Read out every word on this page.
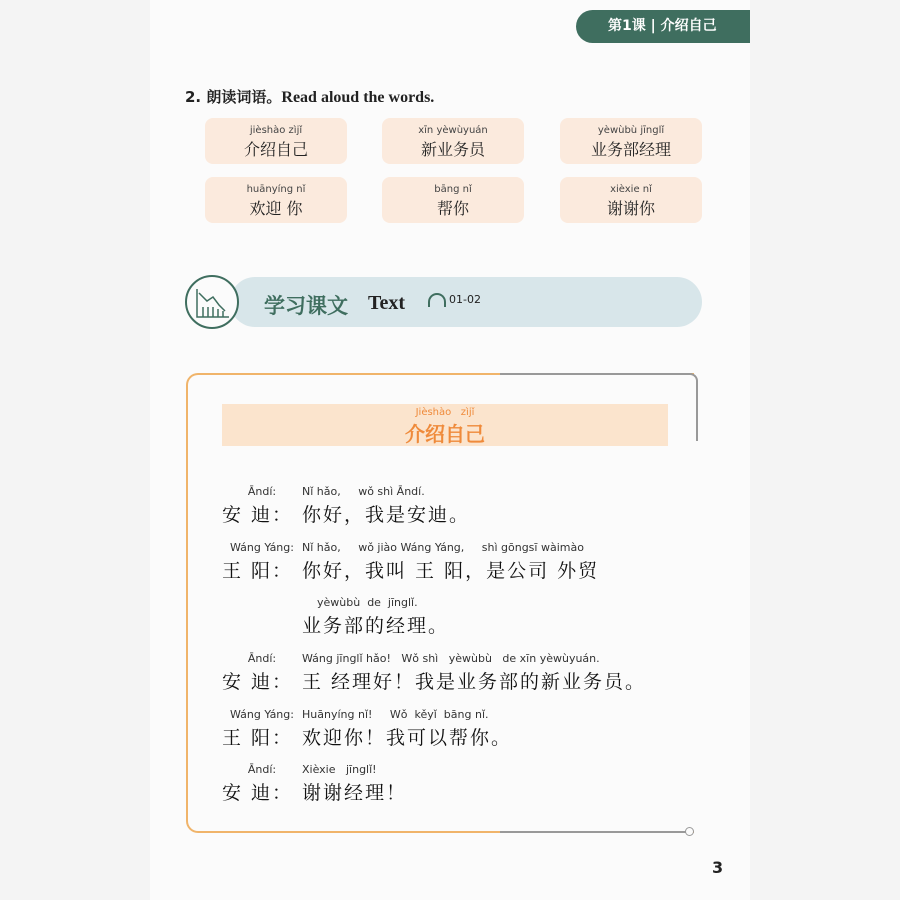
第1课 | 介绍自己
2. 朗读词语。Read aloud the words.
jièshào zìjǐ
介绍自己
xīn yèwùyuán
新业务员
yèwùbù jīnglǐ
业务部经理
huānyíng nǐ
欢迎 你
bāng nǐ
帮你
xièxie nǐ
谢谢你
学习课文 Text	01-02
Jièshào   zìjǐ
介绍自己
Āndí:
安 迪：
Nǐ hǎo,     wǒ shì Āndí.
你好，我是安迪。
Wáng Yáng:
王 阳：
Nǐ hǎo,     wǒ jiào Wáng Yáng,     shì gōngsī wàimào
你好，我叫 王 阳，是公司 外贸
yèwùbù  de  jīnglǐ.
业务部的经理。
Āndí:
安 迪：
Wáng jīnglǐ hǎo!   Wǒ shì   yèwùbù   de xīn yèwùyuán.
王 经理好！我是业务部的新业务员。
Wáng Yáng:
王 阳：
Huānyíng nǐ!     Wǒ  kěyǐ  bāng nǐ.
欢迎你！我可以帮你。
Āndí:
安 迪：
Xièxie   jīnglǐ!
谢谢经理！
3
